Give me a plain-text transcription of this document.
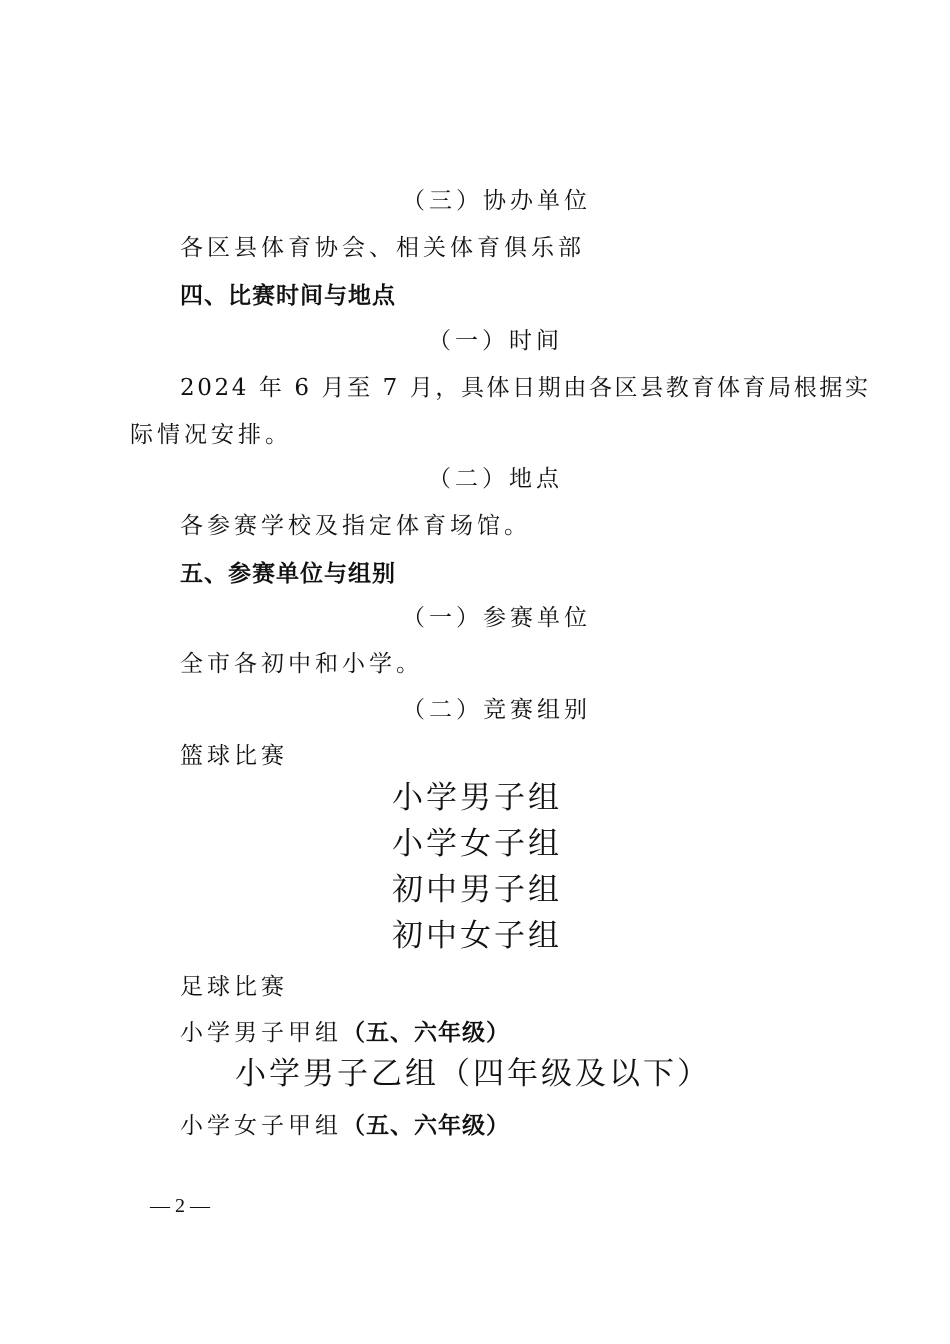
（三）协办单位
各区县体育协会、相关体育俱乐部
四、比赛时间与地点
（一）时间
2024 年 6 月至 7 月，具体日期由各区县教育体育局根据实
际情况安排。
（二）地点
各参赛学校及指定体育场馆。
五、参赛单位与组别
（一）参赛单位
全市各初中和小学。
（二）竞赛组别
篮球比赛
小学男子组
小学女子组
初中男子组
初中女子组
足球比赛
小学男子甲组（五、六年级）
小学男子乙组（四年级及以下）
小学女子甲组（五、六年级）
— 2 —
